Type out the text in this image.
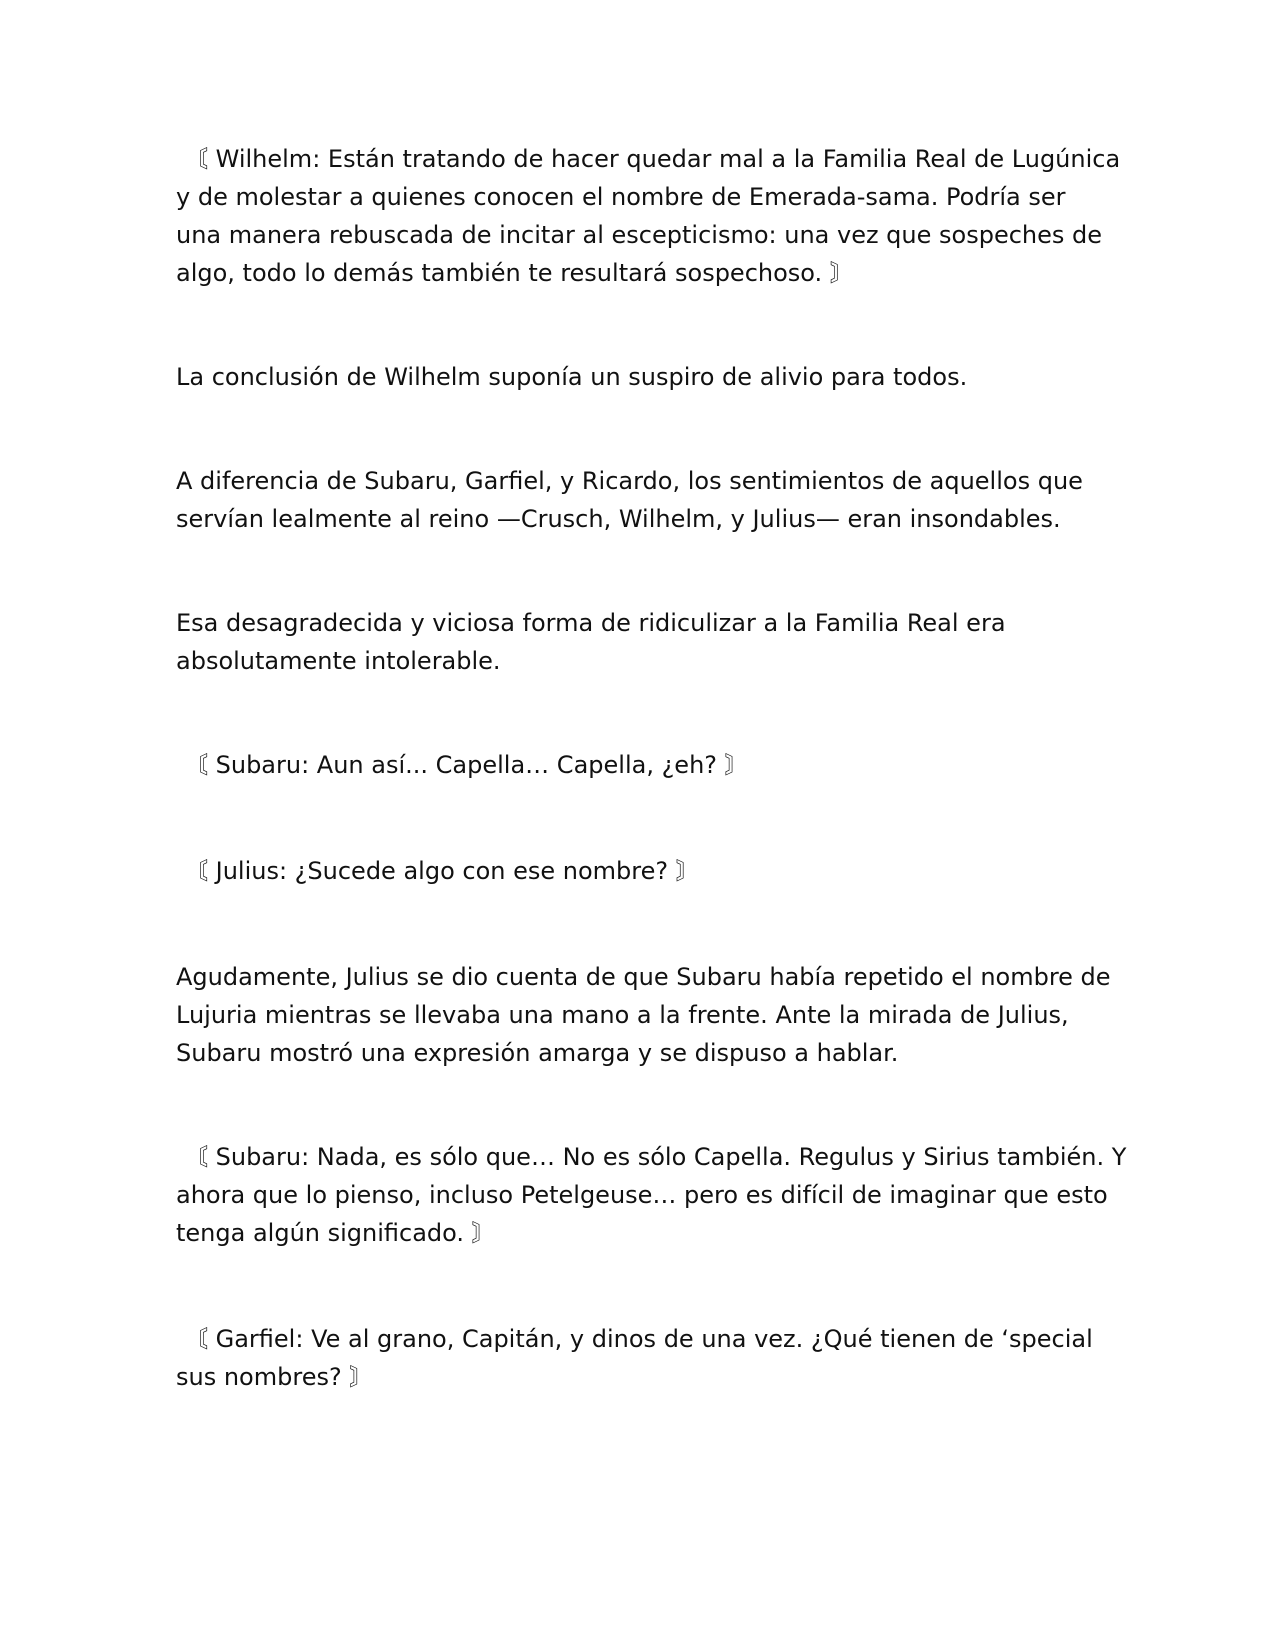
〘 Wilhelm: Están tratando de hacer quedar mal a la Familia Real de Lugúnica
y de molestar a quienes conocen el nombre de Emerada-sama. Podría ser
una manera rebuscada de incitar al escepticismo: una vez que sospeches de
algo, todo lo demás también te resultará sospechoso. 〙

La conclusión de Wilhelm suponía un suspiro de alivio para todos.

A diferencia de Subaru, Garfiel, y Ricardo, los sentimientos de aquellos que
servían lealmente al reino —Crusch, Wilhelm, y Julius— eran insondables.

Esa desagradecida y viciosa forma de ridiculizar a la Familia Real era
absolutamente intolerable.

〘 Subaru: Aun así... Capella… Capella, ¿eh? 〙

〘 Julius: ¿Sucede algo con ese nombre? 〙

Agudamente, Julius se dio cuenta de que Subaru había repetido el nombre de
Lujuria mientras se llevaba una mano a la frente. Ante la mirada de Julius,
Subaru mostró una expresión amarga y se dispuso a hablar.

〘 Subaru: Nada, es sólo que… No es sólo Capella. Regulus y Sirius también. Y
ahora que lo pienso, incluso Petelgeuse… pero es difícil de imaginar que esto
tenga algún significado. 〙

〘 Garfiel: Ve al grano, Capitán, y dinos de una vez. ¿Qué tienen de ‘special
sus nombres? 〙
